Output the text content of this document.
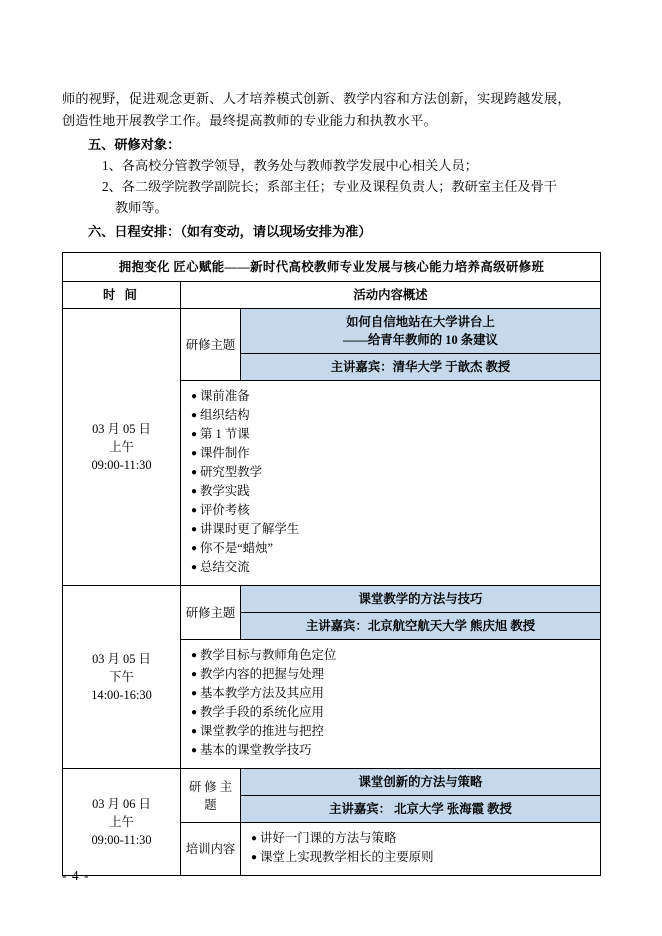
师的视野，促进观念更新、人才培养模式创新、教学内容和方法创新，实现跨越发展，

创造性地开展教学工作。最终提高教师的专业能力和执教水平。

五、研修对象：

1、各高校分管教学领导，教务处与教师教学发展中心相关人员；

2、各二级学院教学副院长；系部主任；专业及课程负责人；教研室主任及骨干

教师等。

六、日程安排：（如有变动，请以现场安排为准）

拥抱变化 匠心赋能——新时代高校教师专业发展与核心能力培养高级研修班		
时 间	活动内容概述	

03 月 05 日
上午
09:00-11:30
	研修主题	
如何自信地站在大学讲台上
——给青年教师的 10 条建议

		主讲嘉宾：清华大学 于歆杰 教授

● 课前准备
● 组织结构
● 第 1 节课
● 课件制作
● 研究型教学
● 教学实践
● 评价考核
● 讲课时更了解学生
● 你不是“蜡烛”
● 总结交流

03 月 05 日
下午
14:00-16:30	研修主题	课堂教学的方法与技巧

		主讲嘉宾：北京航空航天大学 熊庆旭 教授

● 教学目标与教师角色定位
● 教学内容的把握与处理
● 基本教学方法及其应用
● 教学手段的系统化应用
● 课堂教学的推进与把控
● 基本的课堂教学技巧

03 月 06 日
上午
09:00-11:30	研 修 主题	课堂创新的方法与策略

		主讲嘉宾： 北京大学 张海霞 教授
	培训内容	● 讲好一门课的方法与策略
● 课堂上实现教学相长的主要原则
- 4 -
